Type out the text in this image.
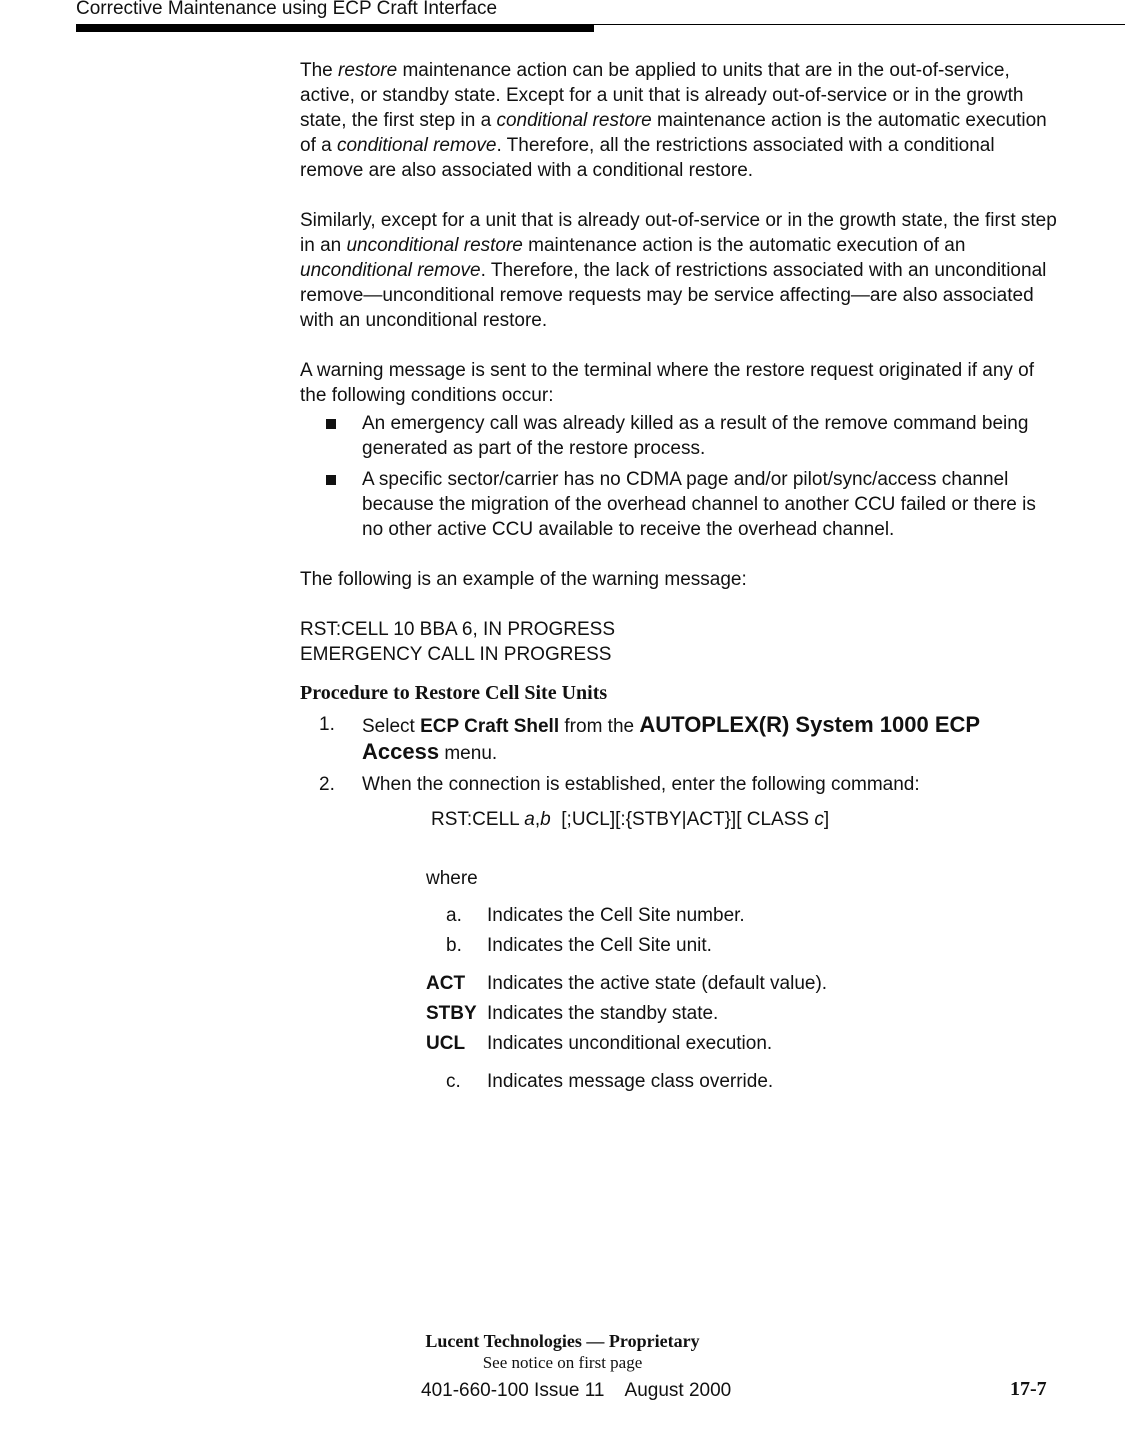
Corrective Maintenance using ECP Craft Interface

The restore maintenance action can be applied to units that are in the out-of-service, active, or standby state. Except for a unit that is already out-of-service or in the growth state, the first step in a conditional restore maintenance action is the automatic execution of a conditional remove. Therefore, all the restrictions associated with a conditional remove are also associated with a conditional restore.

Similarly, except for a unit that is already out-of-service or in the growth state, the first step in an unconditional restore maintenance action is the automatic execution of an unconditional remove. Therefore, the lack of restrictions associated with an unconditional remove—unconditional remove requests may be service affecting—are also associated with an unconditional restore.

A warning message is sent to the terminal where the restore request originated if any of the following conditions occur:

An emergency call was already killed as a result of the remove command being generated as part of the restore process.
A specific sector/carrier has no CDMA page and/or pilot/sync/access channel because the migration of the overhead channel to another CCU failed or there is no other active CCU available to receive the overhead channel.

The following is an example of the warning message:

RST:CELL 10 BBA 6, IN PROGRESS
EMERGENCY CALL IN PROGRESS
Procedure to Restore Cell Site Units
1. Select ECP Craft Shell from the AUTOPLEX(R) System 1000 ECP Access menu.
2. When the connection is established, enter the following command:
RST:CELL a,b  [;UCL][:{STBY|ACT}][ CLASS c]
where
a.	Indicates the Cell Site number.
b.	Indicates the Cell Site unit.
ACT	Indicates the active state (default value).
STBY Indicates the standby state.
UCL	Indicates unconditional execution.
c.	Indicates message class override.
Lucent Technologies — Proprietary
See notice on first page
401-660-100 Issue 11    August 2000	17-7
